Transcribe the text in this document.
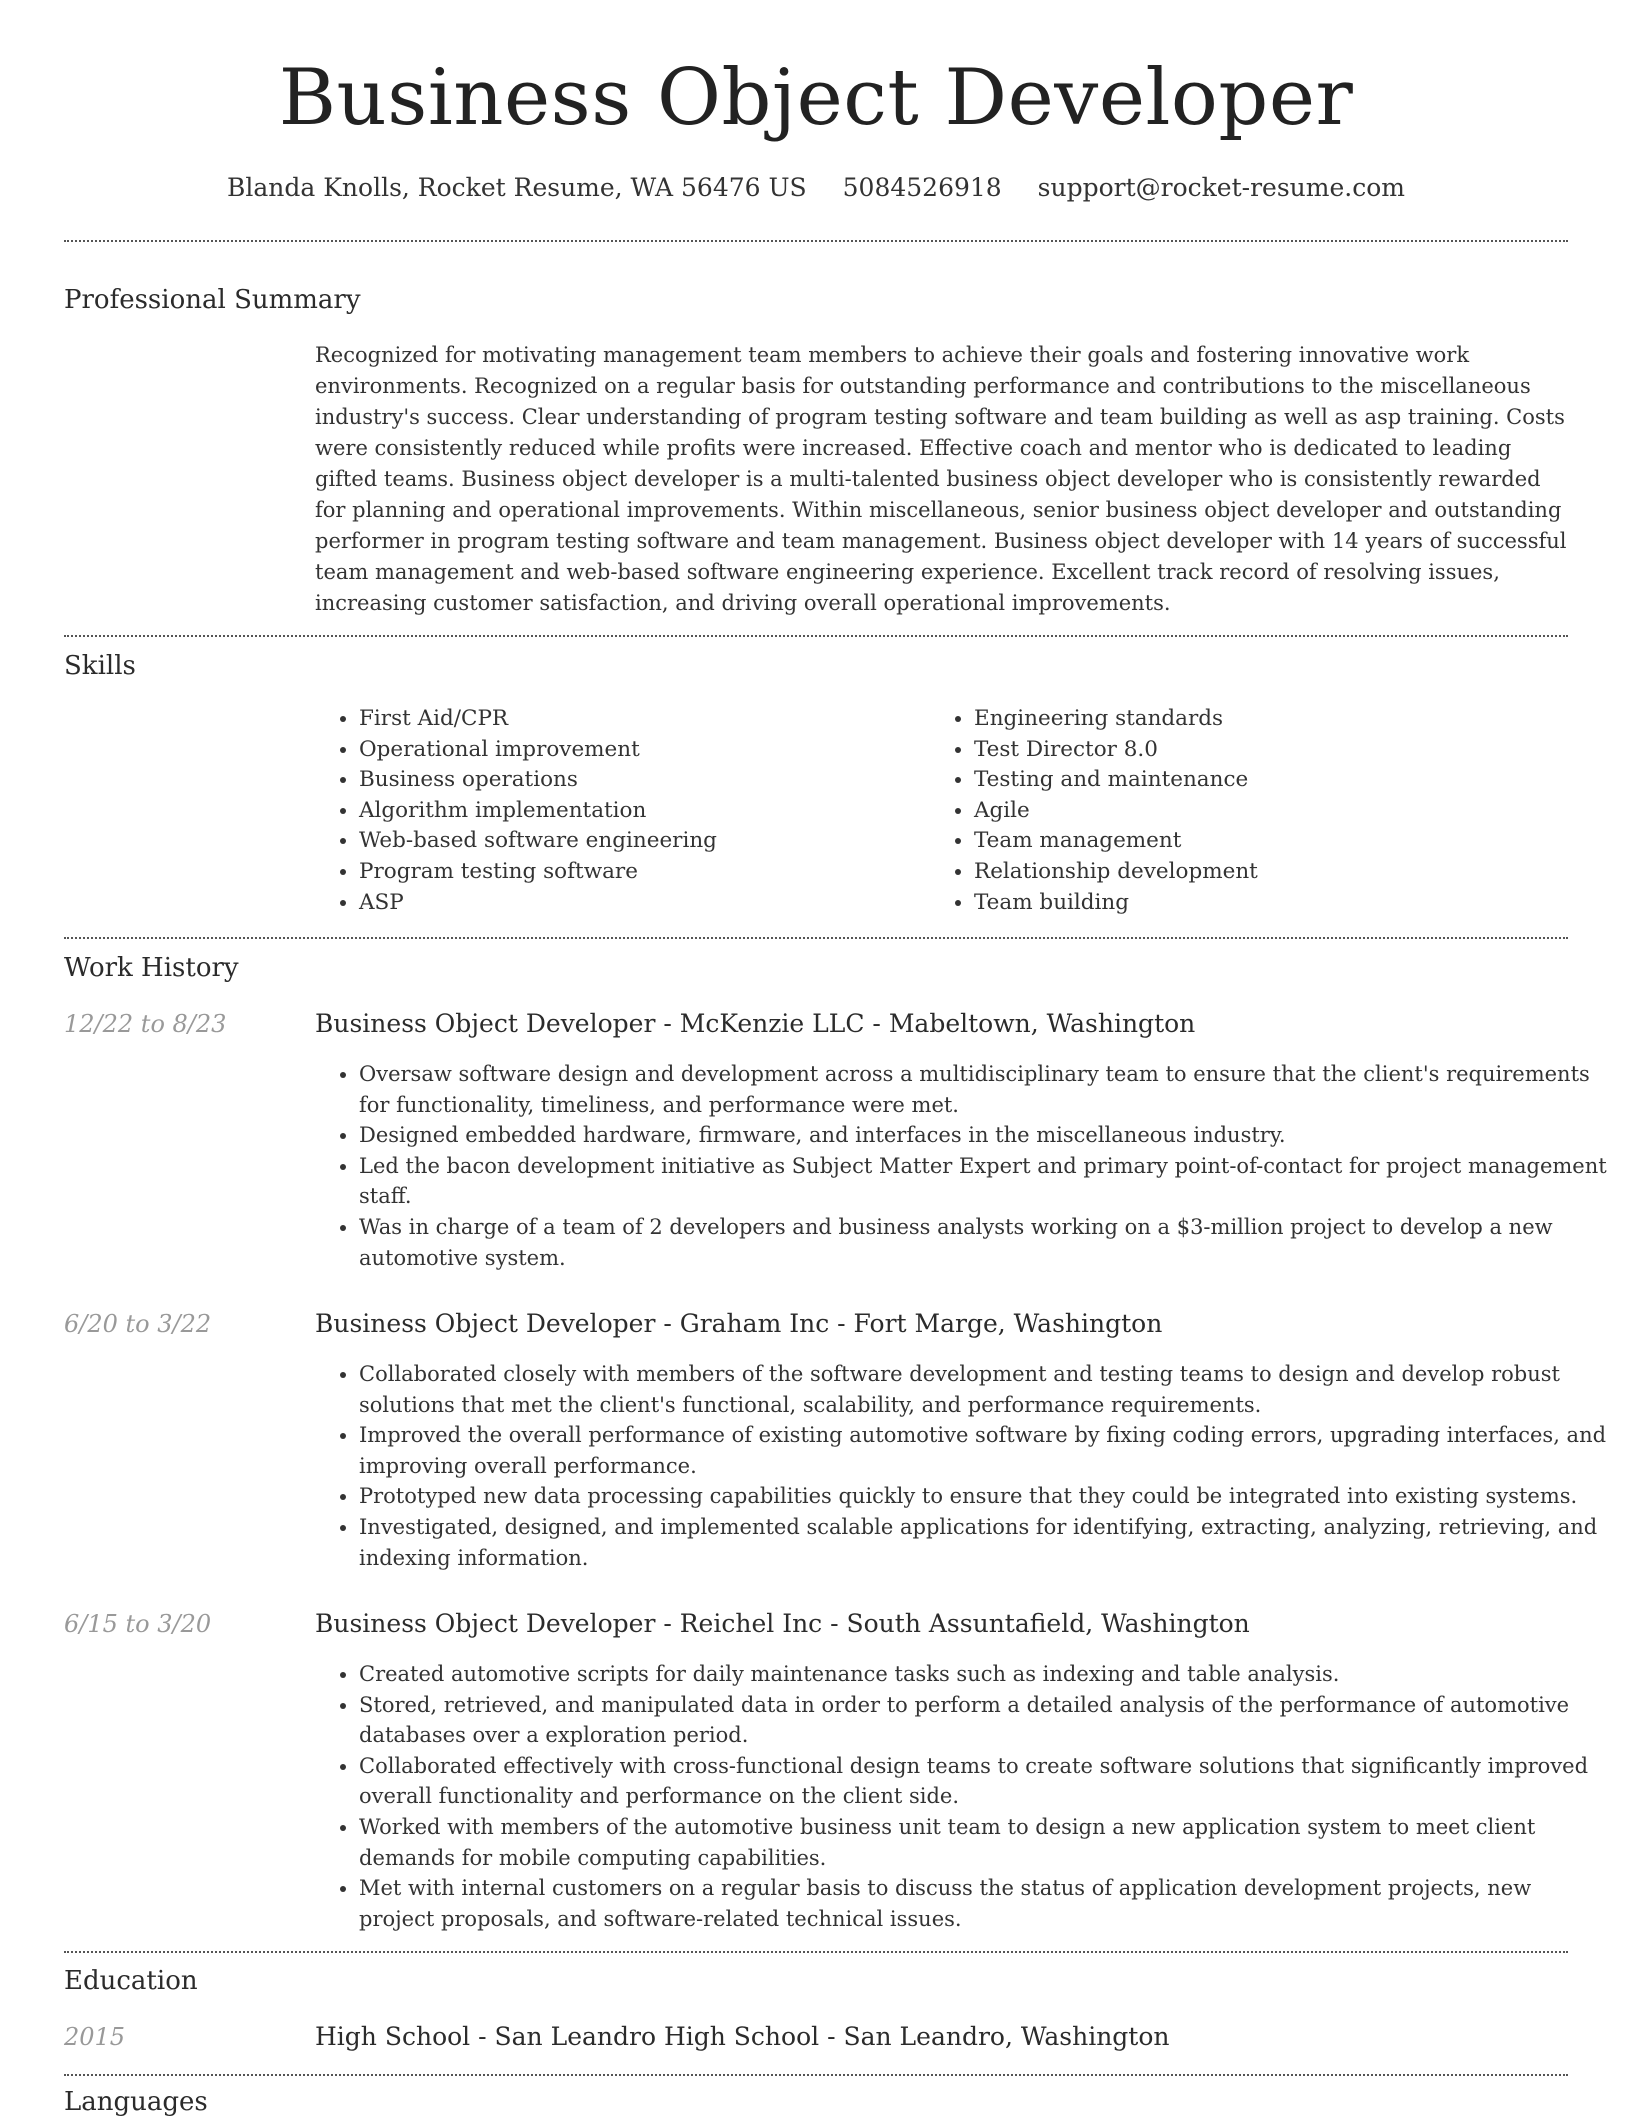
Business Object Developer
Blanda Knolls, Rocket Resume, WA 56476 US 5084526918 support@rocket-resume.com
Professional Summary

Recognized for motivating management team members to achieve their goals and fostering innovative work environments. Recognized on a regular basis for outstanding performance and contributions to the miscellaneous industry's success. Clear understanding of program testing software and team building as well as asp training. Costs were consistently reduced while profits were increased. Effective coach and mentor who is dedicated to leading gifted teams. Business object developer is a multi-talented business object developer who is consistently rewarded for planning and operational improvements. Within miscellaneous, senior business object developer and outstanding performer in program testing software and team management. Business object developer with 14 years of successful team management and web-based software engineering experience. Excellent track record of resolving issues, increasing customer satisfaction, and driving overall operational improvements.

Skills
• First Aid/CPR
• Operational improvement
• Business operations
• Algorithm implementation
• Web-based software engineering
• Program testing software
• ASP
• Engineering standards
• Test Director 8.0
• Testing and maintenance
• Agile
• Team management
• Relationship development
• Team building
Work History
12/22 to 8/23	Business Object Developer - McKenzie LLC - Mabeltown, Washington
• Oversaw software design and development across a multidisciplinary team to ensure that the client's requirements for functionality, timeliness, and performance were met.
• Designed embedded hardware, firmware, and interfaces in the miscellaneous industry.
• Led the bacon development initiative as Subject Matter Expert and primary point-of-contact for project management staff.
• Was in charge of a team of 2 developers and business analysts working on a $3-million project to develop a new automotive system.
6/20 to 3/22	Business Object Developer - Graham Inc - Fort Marge, Washington
• Collaborated closely with members of the software development and testing teams to design and develop robust solutions that met the client's functional, scalability, and performance requirements.
• Improved the overall performance of existing automotive software by fixing coding errors, upgrading interfaces, and improving overall performance.
• Prototyped new data processing capabilities quickly to ensure that they could be integrated into existing systems.
• Investigated, designed, and implemented scalable applications for identifying, extracting, analyzing, retrieving, and indexing information.
6/15 to 3/20	Business Object Developer - Reichel Inc - South Assuntafield, Washington
• Created automotive scripts for daily maintenance tasks such as indexing and table analysis.
• Stored, retrieved, and manipulated data in order to perform a detailed analysis of the performance of automotive databases over a exploration period.
• Collaborated effectively with cross-functional design teams to create software solutions that significantly improved overall functionality and performance on the client side.
• Worked with members of the automotive business unit team to design a new application system to meet client demands for mobile computing capabilities.
• Met with internal customers on a regular basis to discuss the status of application development projects, new project proposals, and software-related technical issues.
Education
2015	High School - San Leandro High School - San Leandro, Washington
Languages
